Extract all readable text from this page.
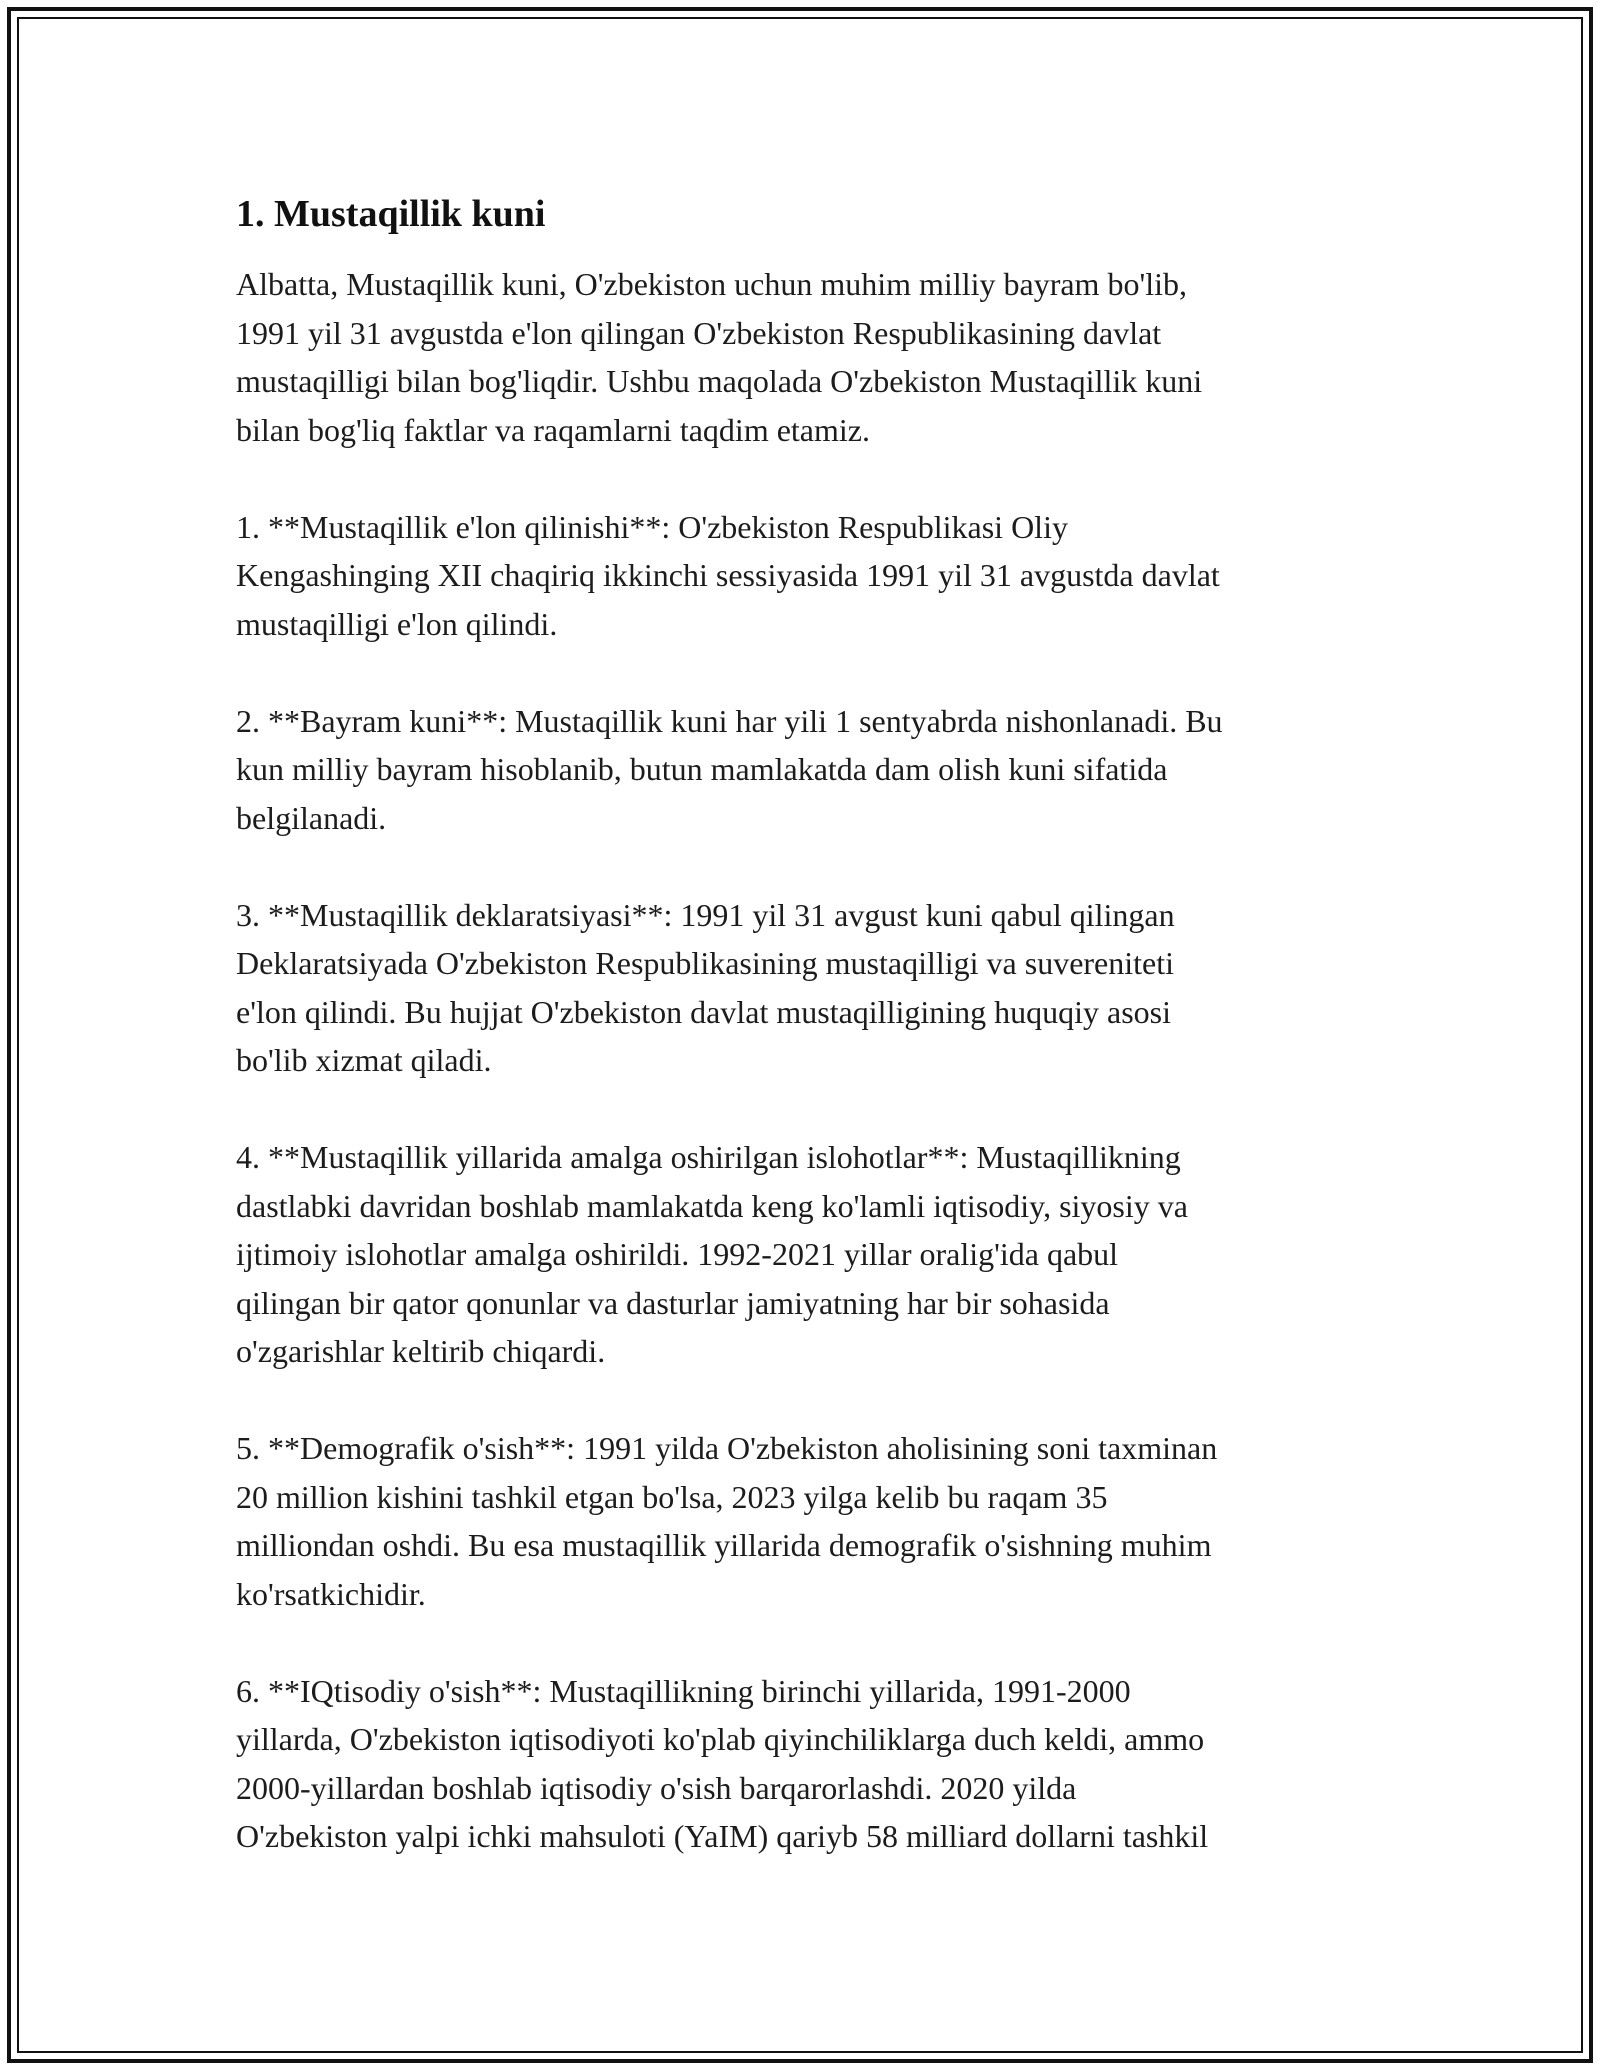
1. Mustaqillik kuni

Albatta, Mustaqillik kuni, O'zbekiston uchun muhim milliy bayram bo'lib,
1991 yil 31 avgustda e'lon qilingan O'zbekiston Respublikasining davlat
mustaqilligi bilan bog'liqdir. Ushbu maqolada O'zbekiston Mustaqillik kuni
bilan bog'liq faktlar va raqamlarni taqdim etamiz.

1. **Mustaqillik e'lon qilinishi**: O'zbekiston Respublikasi Oliy
Kengashinging XII chaqiriq ikkinchi sessiyasida 1991 yil 31 avgustda davlat
mustaqilligi e'lon qilindi.

2. **Bayram kuni**: Mustaqillik kuni har yili 1 sentyabrda nishonlanadi. Bu
kun milliy bayram hisoblanib, butun mamlakatda dam olish kuni sifatida
belgilanadi.

3. **Mustaqillik deklaratsiyasi**: 1991 yil 31 avgust kuni qabul qilingan
Deklaratsiyada O'zbekiston Respublikasining mustaqilligi va suvereniteti
e'lon qilindi. Bu hujjat O'zbekiston davlat mustaqilligining huquqiy asosi
bo'lib xizmat qiladi.

4. **Mustaqillik yillarida amalga oshirilgan islohotlar**: Mustaqillikning
dastlabki davridan boshlab mamlakatda keng ko'lamli iqtisodiy, siyosiy va
ijtimoiy islohotlar amalga oshirildi. 1992-2021 yillar oralig'ida qabul
qilingan bir qator qonunlar va dasturlar jamiyatning har bir sohasida
o'zgarishlar keltirib chiqardi.

5. **Demografik o'sish**: 1991 yilda O'zbekiston aholisining soni taxminan
20 million kishini tashkil etgan bo'lsa, 2023 yilga kelib bu raqam 35
milliondan oshdi. Bu esa mustaqillik yillarida demografik o'sishning muhim
ko'rsatkichidir.

6. **IQtisodiy o'sish**: Mustaqillikning birinchi yillarida, 1991-2000
yillarda, O'zbekiston iqtisodiyoti ko'plab qiyinchiliklarga duch keldi, ammo
2000-yillardan boshlab iqtisodiy o'sish barqarorlashdi. 2020 yilda
O'zbekiston yalpi ichki mahsuloti (YaIM) qariyb 58 milliard dollarni tashkil
